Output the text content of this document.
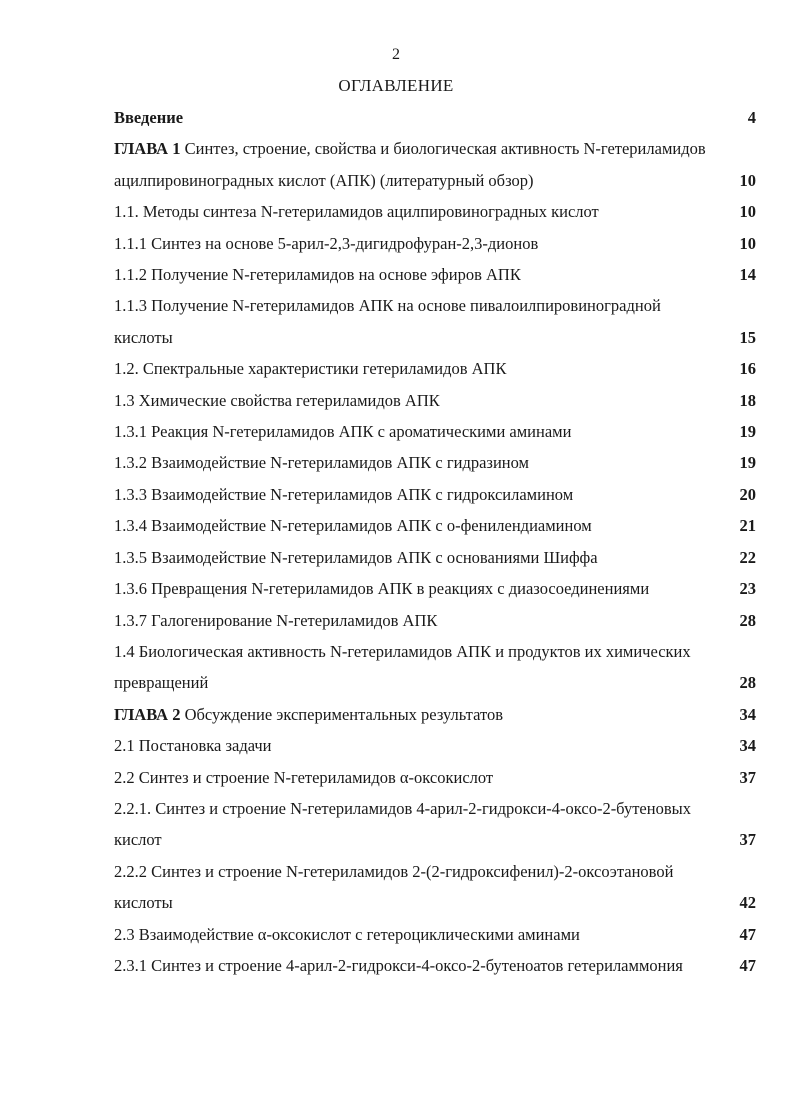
2
ОГЛАВЛЕНИЕ
Введение	4
ГЛАВА 1 Синтез, строение, свойства и биологическая активность N-гетериламидов ацилпировиноградных кислот (АПК) (литературный обзор)	10
1.1. Методы синтеза N-гетериламидов ацилпировиноградных кислот	10
1.1.1 Синтез на основе 5-арил-2,3-дигидрофуран-2,3-дионов	10
1.1.2 Получение N-гетериламидов на основе эфиров АПК	14
1.1.3 Получение N-гетериламидов АПК на основе пивалоилпировиноградной
кислоты	15
1.2. Спектральные характеристики гетериламидов АПК	16
1.3 Химические свойства гетериламидов АПК	18
1.3.1 Реакция N-гетериламидов АПК с ароматическими аминами	19
1.3.2 Взаимодействие N-гетериламидов АПК с гидразином	19
1.3.3 Взаимодействие N-гетериламидов АПК с гидроксиламином	20
1.3.4 Взаимодействие N-гетериламидов АПК с о-фенилендиамином	21
1.3.5 Взаимодействие N-гетериламидов АПК с основаниями Шиффа	22
1.3.6 Превращения N-гетериламидов АПК в реакциях с диазосоединениями	23
1.3.7 Галогенирование N-гетериламидов АПК	28
1.4 Биологическая активность N-гетериламидов АПК и продуктов их химических превращений	28
ГЛАВА 2 Обсуждение экспериментальных результатов	34
2.1 Постановка задачи	34
2.2 Синтез и строение N-гетериламидов α-оксокислот	37
2.2.1. Синтез и строение N-гетериламидов 4-арил-2-гидрокси-4-оксо-2-бутеновых кислот	37
2.2.2 Синтез и строение N-гетериламидов 2-(2-гидроксифенил)-2-оксоэтановой
кислоты	42
2.3 Взаимодействие α-оксокислот с гетероциклическими аминами	47
2.3.1 Синтез и строение 4-арил-2-гидрокси-4-оксо-2-бутеноатов гетериламмония	47
